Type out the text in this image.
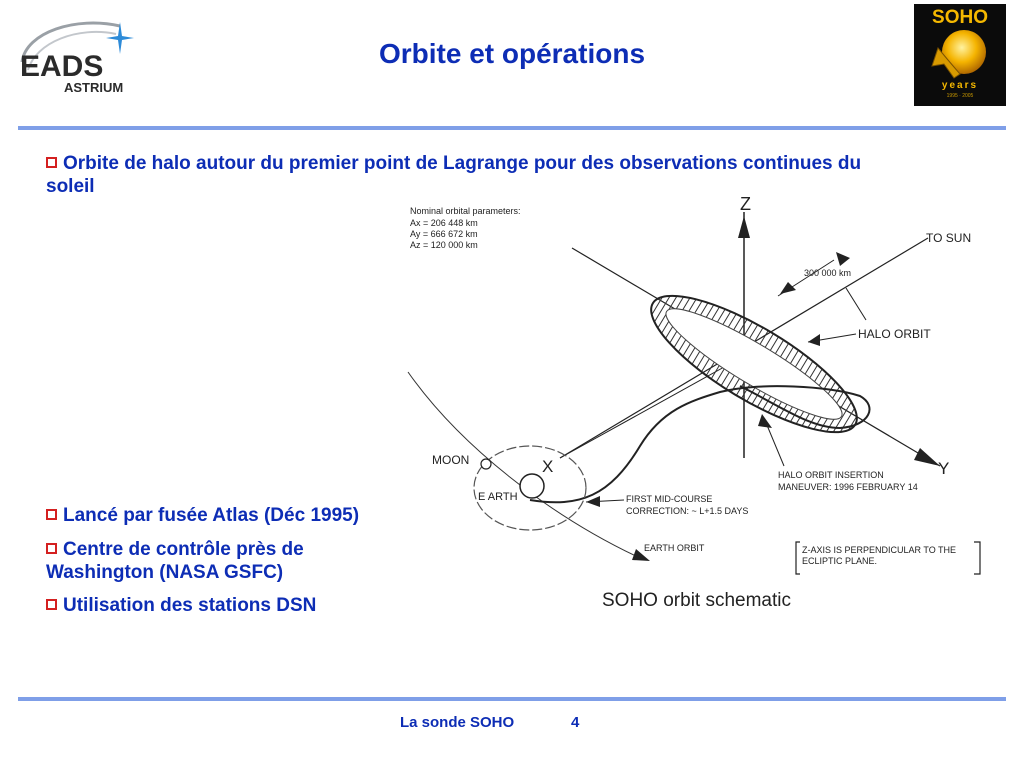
EADS
ASTRIUM
Orbite et opérations
SOHO
years
1995 · 2005
Orbite de halo autour du premier point de Lagrange pour des observations continues du soleil
Nominal orbital parameters:
Ax = 206 448 km
Ay = 666 672 km
Az = 120 000 km
Z
TO SUN
Y
X
300 000 km
HALO ORBIT
HALO ORBIT INSERTION
MANEUVER: 1996 FEBRUARY 14
MOON
E ARTH	FIRST MID-COURSE
CORRECTION: ~ L+1.5 DAYS
EARTH ORBIT	Z-AXIS IS PERPENDICULAR TO THE
ECLIPTIC PLANE.
SOHO orbit schematic
Lancé par fusée Atlas (Déc 1995)
Centre de contrôle près de Washington (NASA GSFC)
Utilisation des stations DSN
La sonde SOHO	4
